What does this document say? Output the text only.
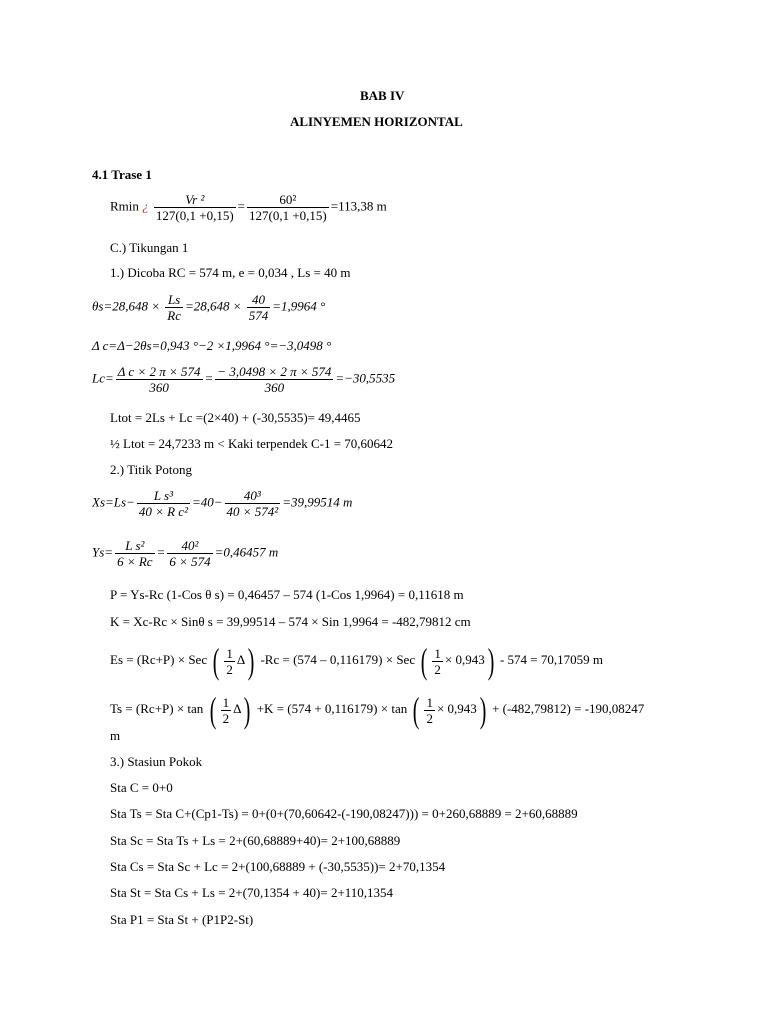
BAB IV
ALINYEMEN HORIZONTAL
4.1 Trase 1
Rmin ¿ $\frac{\text{Vr ²}}{127(0,1 +0,15)} = \frac{\text{60²}}{127(0,1 +0,15)} =113,38$ m
C.) Tikungan 1
1.) Dicoba RC = 574 m, e = 0,034 , Ls = 40 m
$\theta s=28,648 \times \frac{Ls}{Rc} =28,648 \times \frac{40}{574} =1,9964$ °
Δ c=Δ−2θs=0,943 °−2 ×1,9964 °=−3,0498 °
$Lc= \frac{\text{Δ c × 2 π × 574}}{360} = \frac{- 3,0498 \times 2 \pi \times 574}{360} =-30,5535$
Ltot = 2Ls + Lc =(2×40) + (-30,5535)= 49,4465
½ Ltot = 24,7233 m < Kaki terpendek C-1 = 70,60642
2.) Titik Potong
$Xs=Ls- \frac{\text{L s³}}{\text{40 × R c²}} =40- \frac{\text{40³}}{\text{40 × 574²}} =39,99514$ m
$Ys= \frac{\text{L s²}}{6 \times Rc} = \frac{\text{40²}}{6 \times 574} =0,46457$ m
P = Ys-Rc (1-Cos θ s) = 0,46457 – 574 (1-Cos 1,9964) = 0,11618 m
K = Xc-Rc × Sinθ s = 39,99514 – 574 × Sin 1,9964 = -482,79812 cm
Es = (Rc+P) × Sec ( $\frac{1}{2} \Delta$) -Rc = (574 – 0,116179) × Sec ( $\frac{1}{2} \times 0,943) - 574 = 70,17059$ m
Ts = (Rc+P) × tan ( $\frac{1}{2} \Delta) +K = (574 + 0,116179) \times \tan$ ( $\frac{1}{2} \times 0,943) + (-482,79812) = -190,08247$
m
3.) Stasiun Pokok
Sta C = 0+0
Sta Ts = Sta C+(Cp1-Ts) = 0+(0+(70,60642-(-190,08247))) = 0+260,68889 = 2+60,68889
Sta Sc = Sta Ts + Ls = 2+(60,68889+40)= 2+100,68889
Sta Cs = Sta Sc + Lc = 2+(100,68889 + (-30,5535))= 2+70,1354
Sta St = Sta Cs + Ls = 2+(70,1354 + 40)= 2+110,1354
Sta P1 = Sta St + (P1P2-St)
